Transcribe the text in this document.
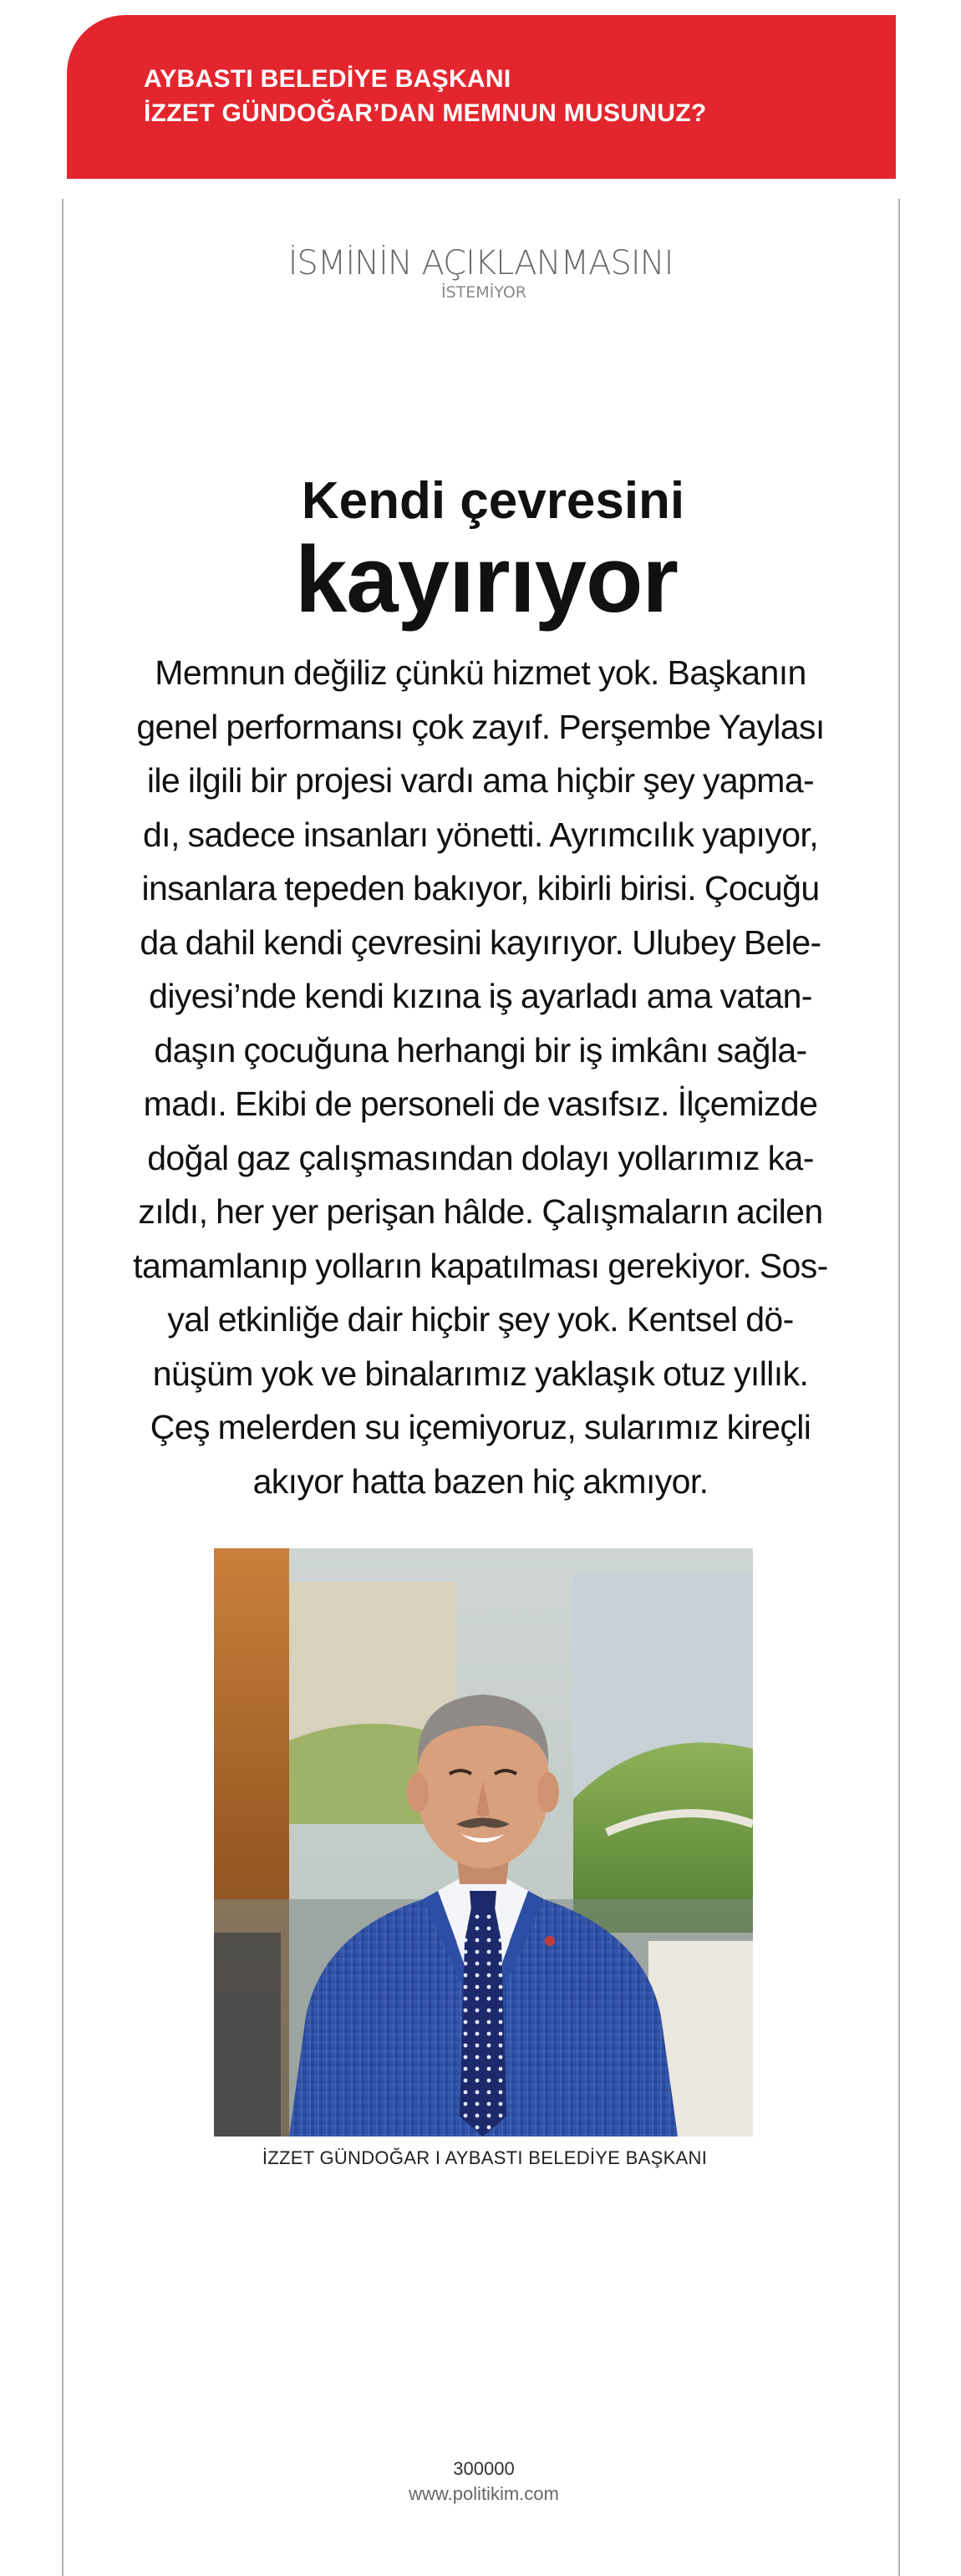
AYBASTI BELEDİYE BAŞKANI
İZZET GÜNDOĞAR’DAN MEMNUN MUSUNUZ?
İSMİNİN AÇIKLANMASINI
İSTEMİYOR
Kendi çevresini
kayırıyor
Memnun değiliz çünkü hizmet yok. Başkanın
genel performansı çok zayıf. Perşembe Yaylası
ile ilgili bir projesi vardı ama hiçbir şey yapma-
dı, sadece insanları yönetti. Ayrımcılık yapıyor,
insanlara tepeden bakıyor, kibirli birisi. Çocuğu
da dahil kendi çevresini kayırıyor. Ulubey Bele-
diyesi’nde kendi kızına iş ayarladı ama vatan-
daşın çocuğuna herhangi bir iş imkânı sağla-
madı. Ekibi de personeli de vasıfsız. İlçemizde
doğal gaz çalışmasından dolayı yollarımız ka-
zıldı, her yer perişan hâlde. Çalışmaların acilen
tamamlanıp yolların kapatılması gerekiyor. Sos-
yal etkinliğe dair hiçbir şey yok. Kentsel dö-
nüşüm yok ve binalarımız yaklaşık otuz yıllık.
Çeş melerden su içemiyoruz, sularımız kireçli
akıyor hatta bazen hiç akmıyor.
İZZET GÜNDOĞAR I AYBASTI BELEDİYE BAŞKANI
300000
www.politikim.com
